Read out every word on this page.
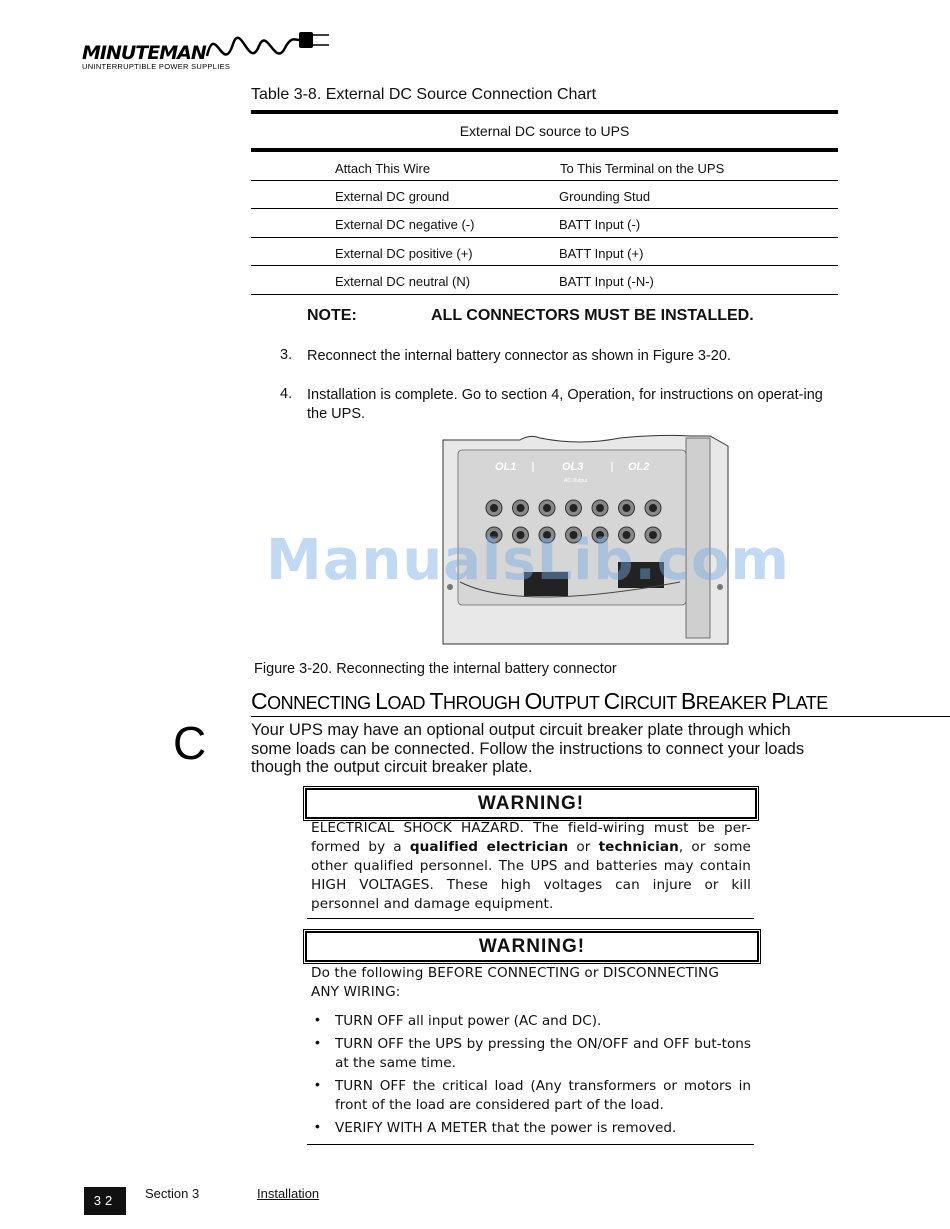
MINUTEMAN
UNINTERRUPTIBLE POWER SUPPLIES
Table 3-8. External DC Source Connection Chart
External DC source to UPS
Attach This Wire	To This Terminal on the UPS
External DC ground	Grounding Stud
External DC negative (-)	BATT Input (-)
External DC positive (+)	BATT Input (+)
External DC neutral (N)	BATT Input (-N-)
NOTE:	ALL CONNECTORS MUST BE INSTALLED.
3. Reconnect the internal battery connector as shown in Figure 3-20.
4. Installation is complete. Go to section 4, Operation, for instructions on operat-ing the UPS.
OL1	OL3	OL2
AC Output
ManualsLib.com
Figure 3-20. Reconnecting the internal battery connector
CONNECTING LOAD THROUGH OUTPUT CIRCUIT BREAKER PLATE
C	Your UPS may have an optional output circuit breaker plate through which some loads can be connected. Follow the instructions to connect your loads though the output circuit breaker plate.
WARNING!
ELECTRICAL SHOCK HAZARD. The field-wiring must be per-formed by a qualified electrician or technician, or some other qualified personnel. The UPS and batteries may contain HIGH VOLTAGES. These high voltages can injure or kill personnel and damage equipment.
WARNING!
Do the following BEFORE CONNECTING or DISCONNECTING ANY WIRING:
• TURN OFF all input power (AC and DC).
• TURN OFF the UPS by pressing the ON/OFF and OFF but-tons at the same time.
• TURN OFF the critical load (Any transformers or motors in front of the load are considered part of the load.
• VERIFY WITH A METER that the power is removed.
32	Section 3	Installation
